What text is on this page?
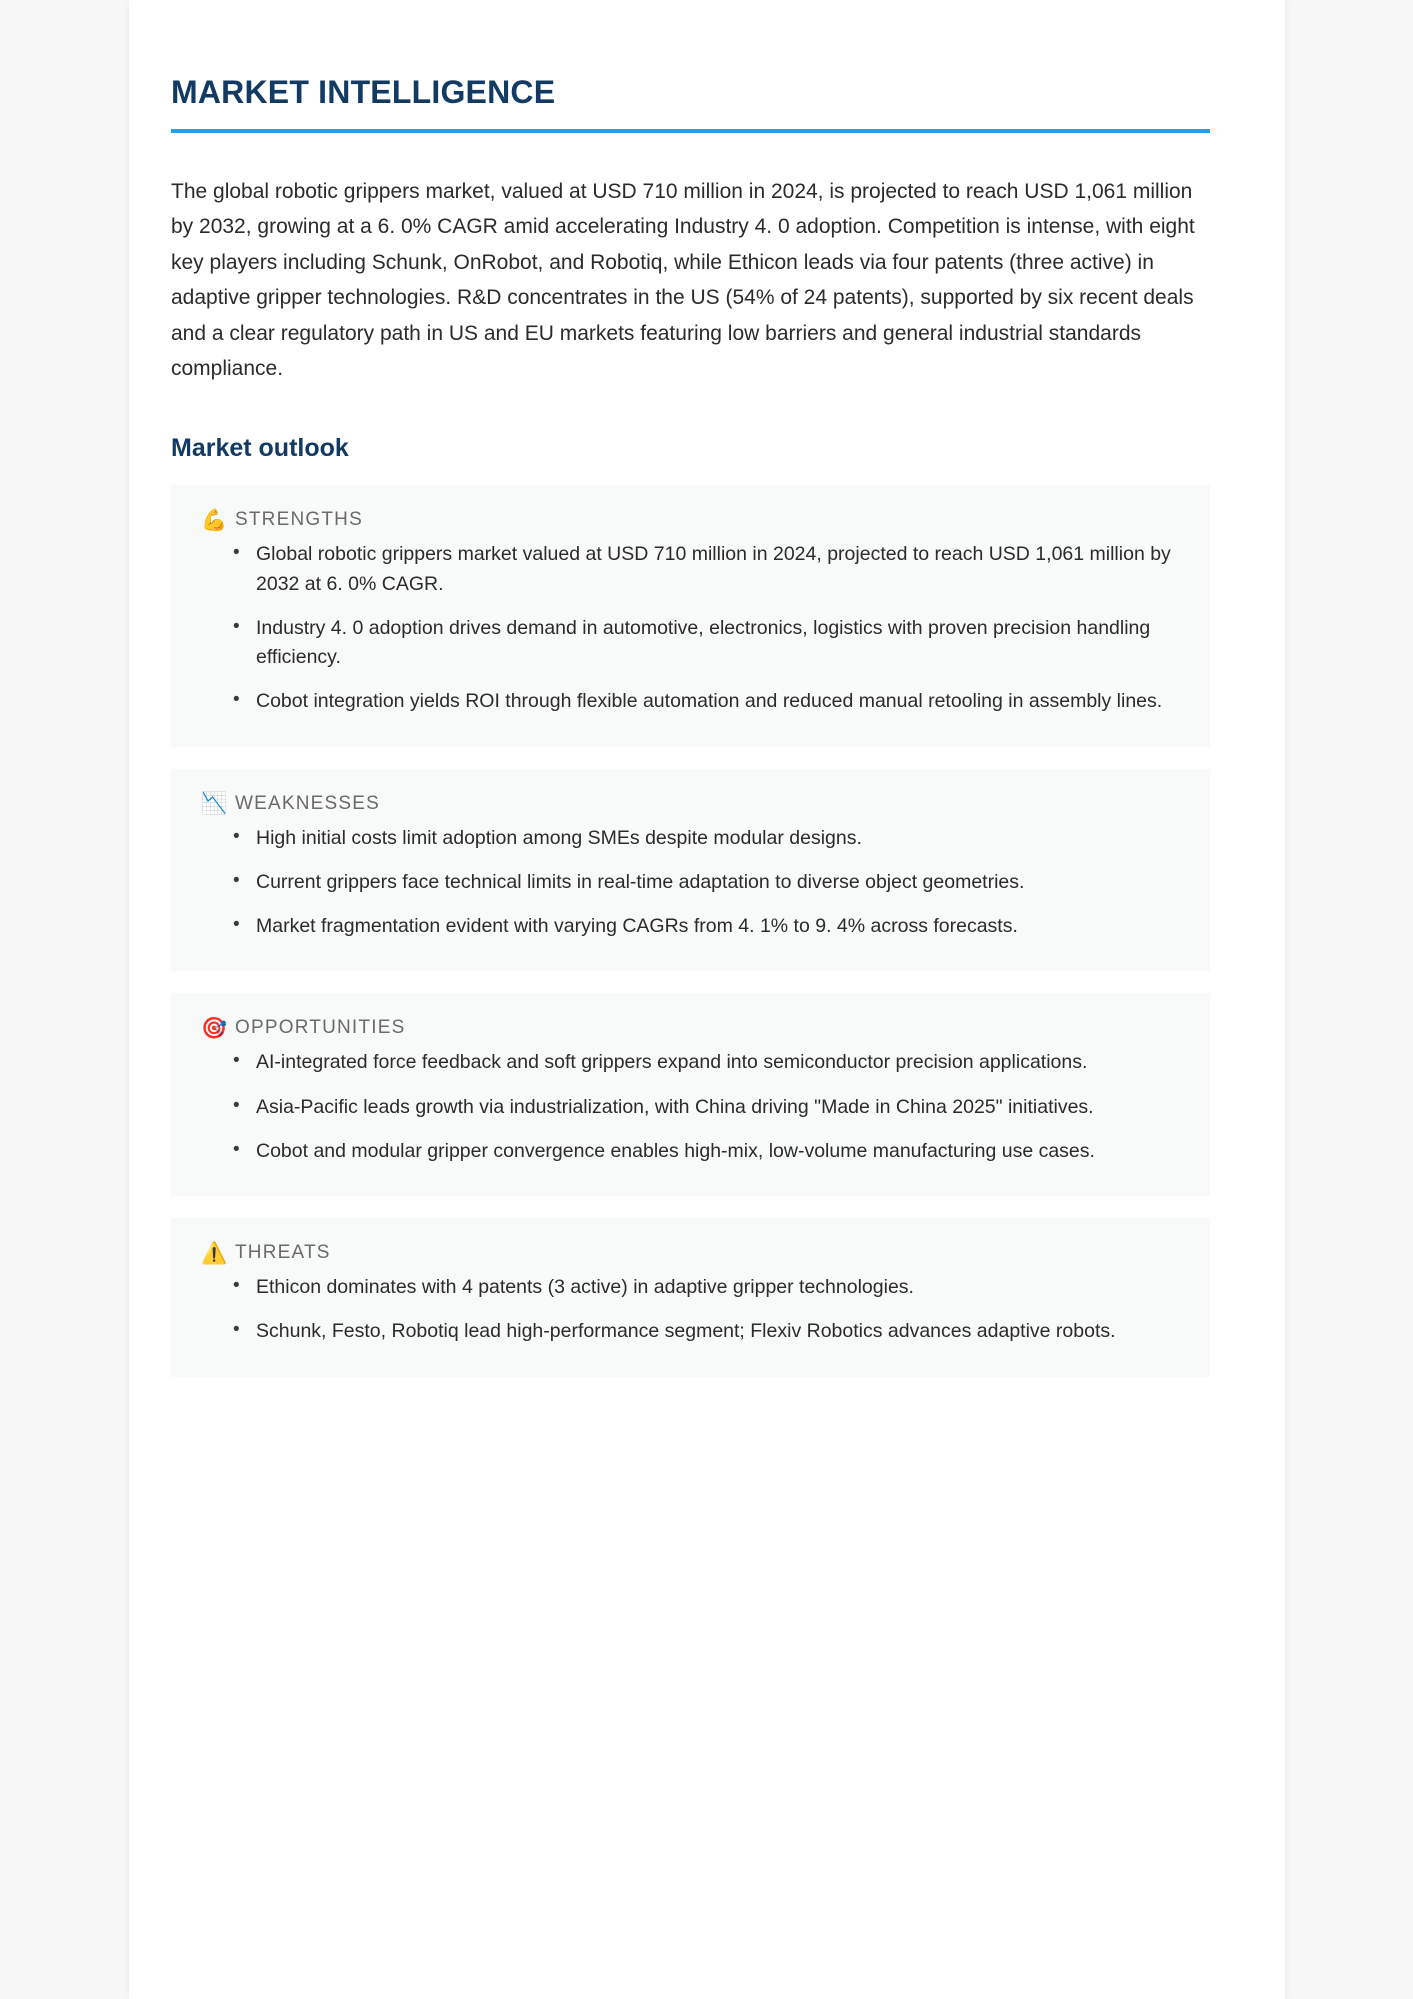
MARKET INTELLIGENCE

The global robotic grippers market, valued at USD 710 million in 2024, is projected to reach USD 1,061 million by 2032, growing at a 6. 0% CAGR amid accelerating Industry 4. 0 adoption. Competition is intense, with eight key players including Schunk, OnRobot, and Robotiq, while Ethicon leads via four patents (three active) in adaptive gripper technologies. R&D concentrates in the US (54% of 24 patents), supported by six recent deals and a clear regulatory path in US and EU markets featuring low barriers and general industrial standards compliance.

Market outlook
💪 STRENGTHS
• Global robotic grippers market valued at USD 710 million in 2024, projected to reach USD 1,061 million by 2032 at 6. 0% CAGR.
• Industry 4. 0 adoption drives demand in automotive, electronics, logistics with proven precision handling efficiency.
• Cobot integration yields ROI through flexible automation and reduced manual retooling in assembly lines.
📉 WEAKNESSES
• High initial costs limit adoption among SMEs despite modular designs.
• Current grippers face technical limits in real-time adaptation to diverse object geometries.
• Market fragmentation evident with varying CAGRs from 4. 1% to 9. 4% across forecasts.
🎯 OPPORTUNITIES
• AI-integrated force feedback and soft grippers expand into semiconductor precision applications.
• Asia-Pacific leads growth via industrialization, with China driving "Made in China 2025" initiatives.
• Cobot and modular gripper convergence enables high-mix, low-volume manufacturing use cases.
⚠️ THREATS
• Ethicon dominates with 4 patents (3 active) in adaptive gripper technologies.
• Schunk, Festo, Robotiq lead high-performance segment; Flexiv Robotics advances adaptive robots.
